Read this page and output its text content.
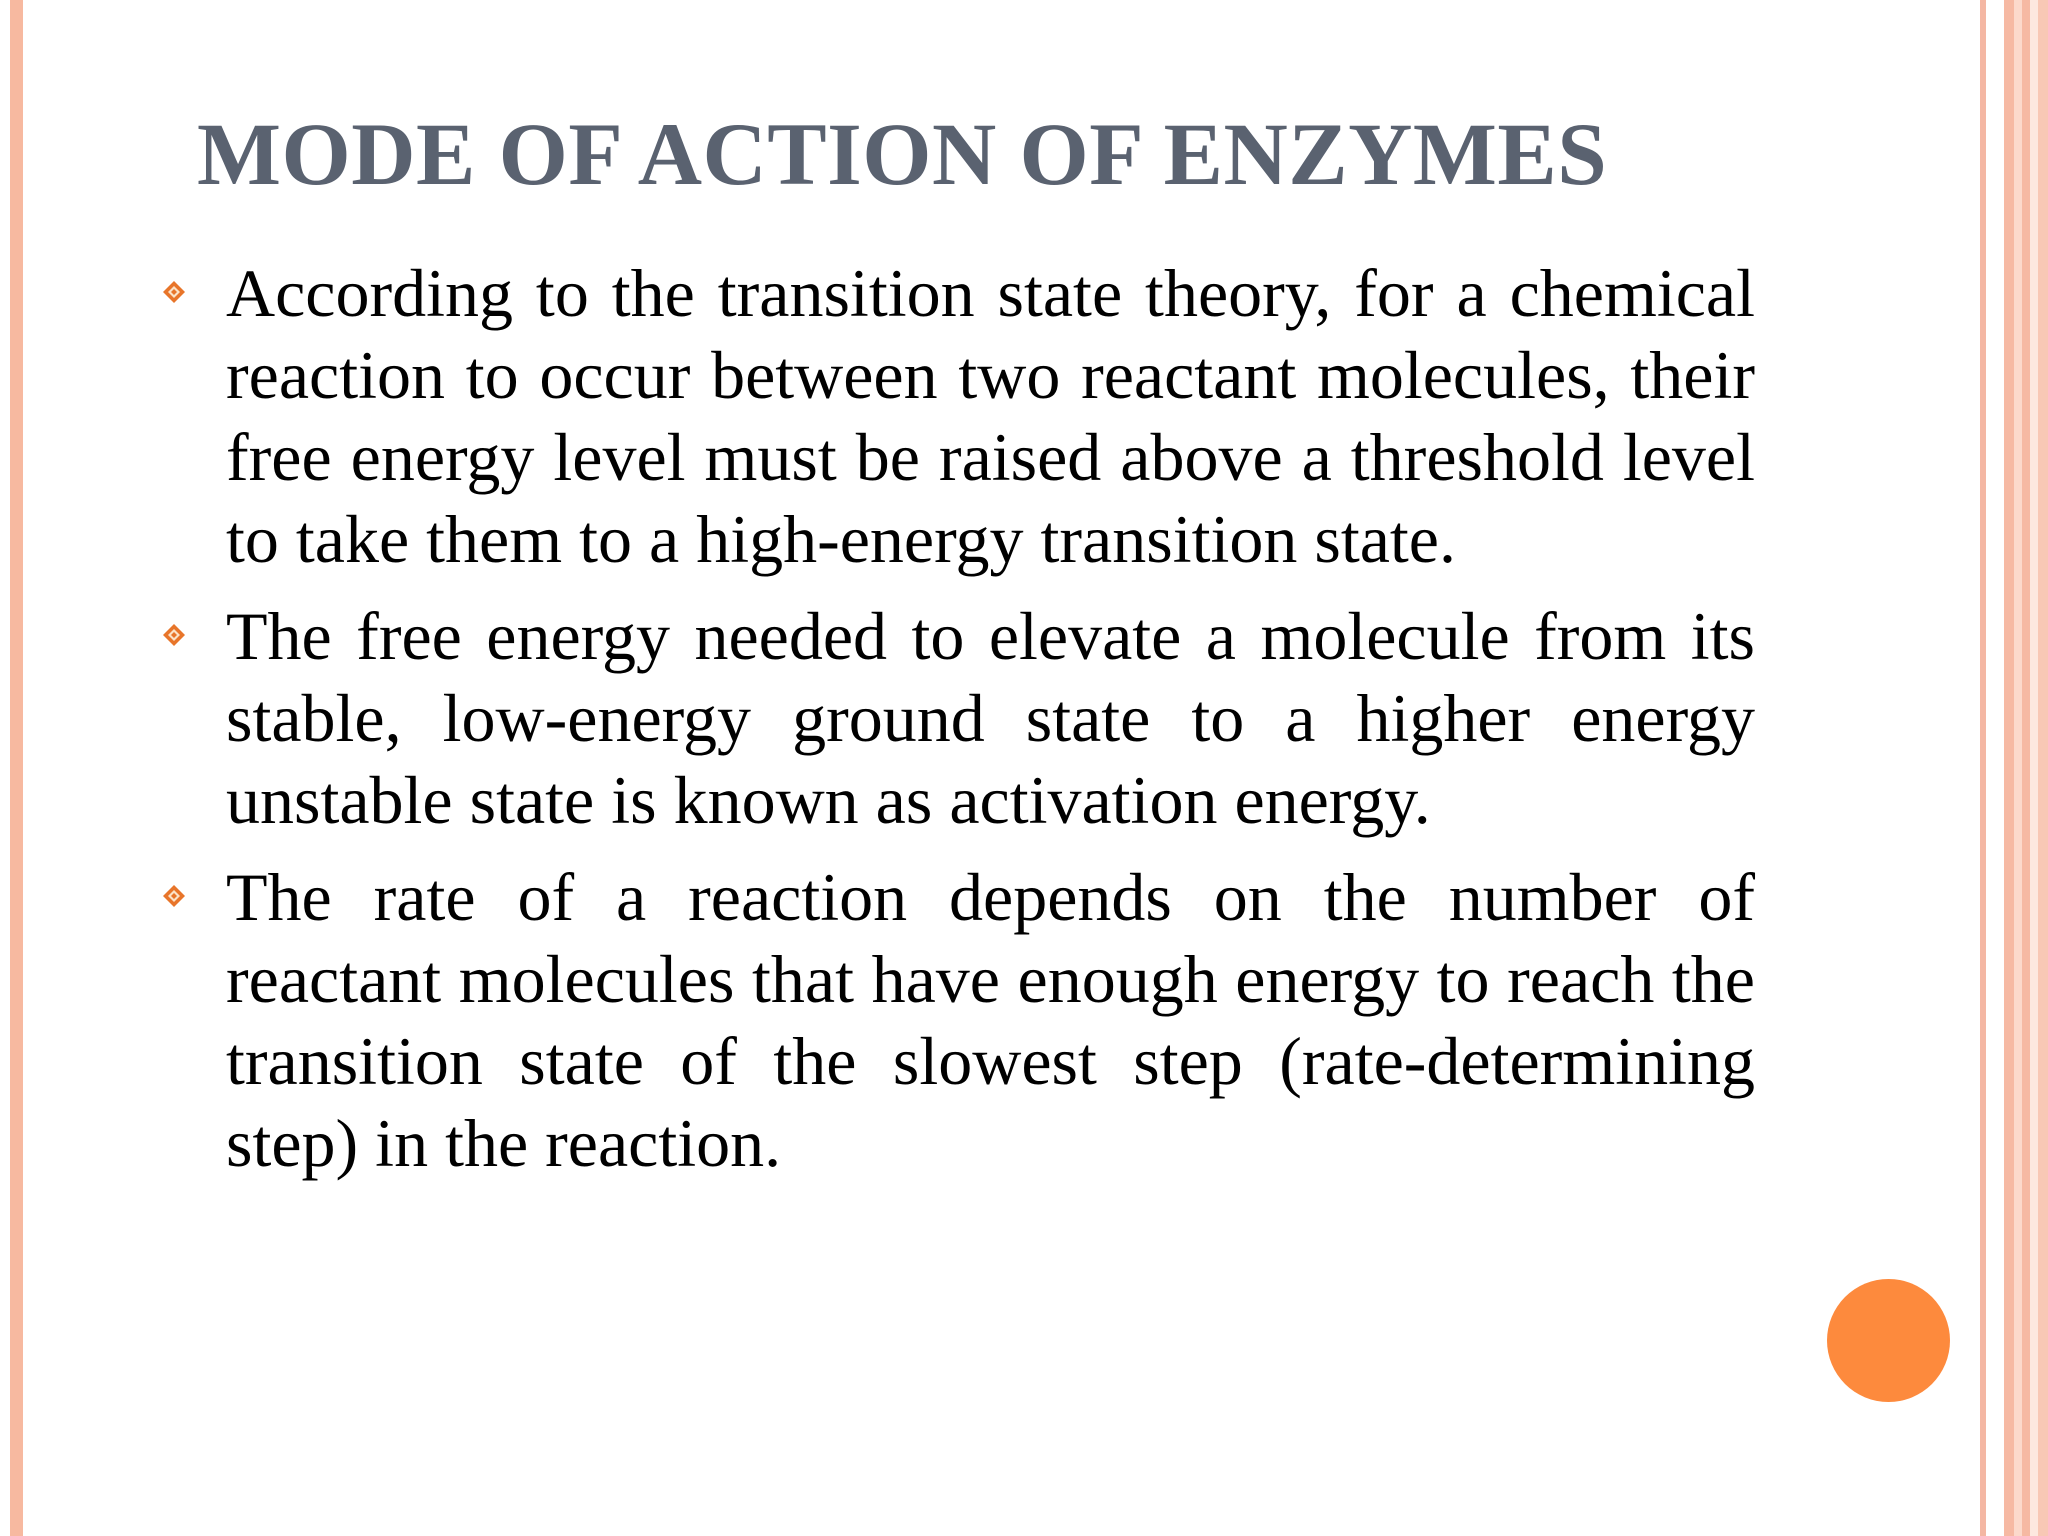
MODE OF ACTION OF ENZYMES
According to the transition state theory, for a chemical reaction to occur between two reactant molecules, their free energy level must be raised above a threshold level to take them to a high-energy transition state.
The free energy needed to elevate a molecule from its stable, low-energy ground state to a higher energy unstable state is known as activation energy.
The rate of a reaction depends on the number of reactant molecules that have enough energy to reach the transition state of the slowest step (rate-determining step) in the reaction.
